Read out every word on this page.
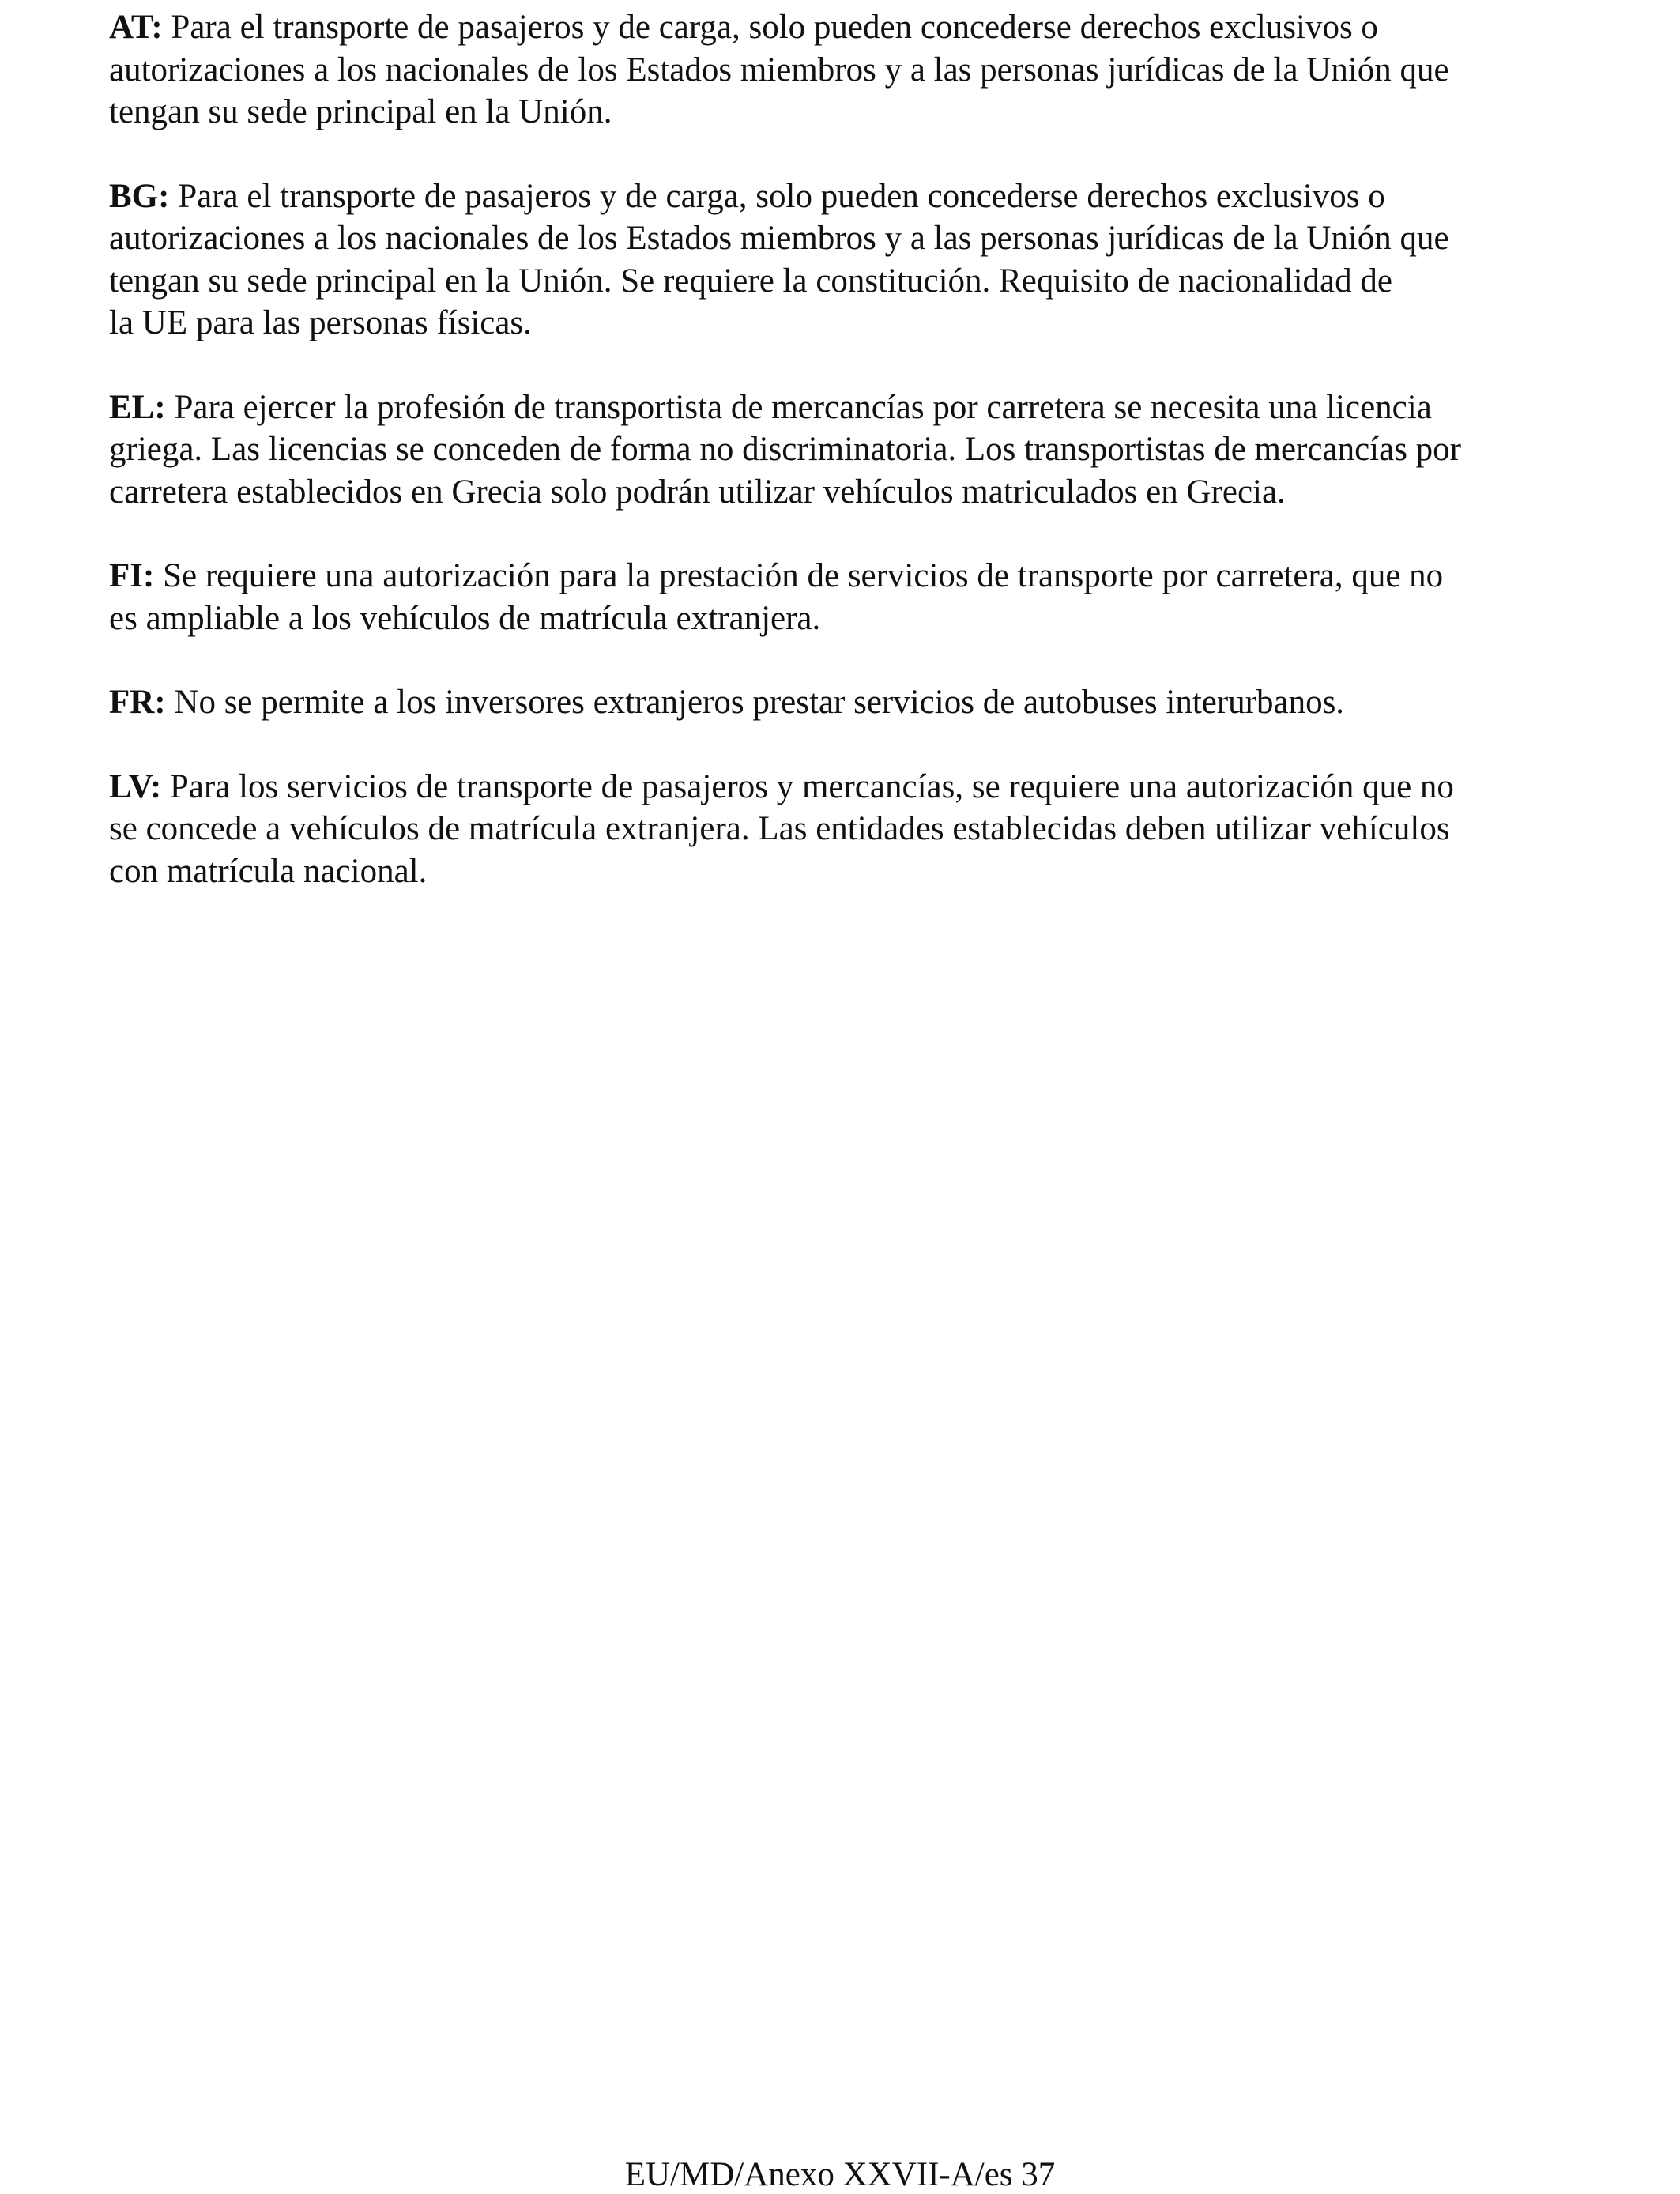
AT: Para el transporte de pasajeros y de carga, solo pueden concederse derechos exclusivos o
autorizaciones a los nacionales de los Estados miembros y a las personas jurídicas de la Unión que
tengan su sede principal en la Unión.

BG: Para el transporte de pasajeros y de carga, solo pueden concederse derechos exclusivos o
autorizaciones a los nacionales de los Estados miembros y a las personas jurídicas de la Unión que
tengan su sede principal en la Unión. Se requiere la constitución. Requisito de nacionalidad de
la UE para las personas físicas.

EL: Para ejercer la profesión de transportista de mercancías por carretera se necesita una licencia
griega. Las licencias se conceden de forma no discriminatoria. Los transportistas de mercancías por
carretera establecidos en Grecia solo podrán utilizar vehículos matriculados en Grecia.

FI: Se requiere una autorización para la prestación de servicios de transporte por carretera, que no
es ampliable a los vehículos de matrícula extranjera.

FR: No se permite a los inversores extranjeros prestar servicios de autobuses interurbanos.

LV: Para los servicios de transporte de pasajeros y mercancías, se requiere una autorización que no
se concede a vehículos de matrícula extranjera. Las entidades establecidas deben utilizar vehículos
con matrícula nacional.

EU/MD/Anexo XXVII-A/es 37
